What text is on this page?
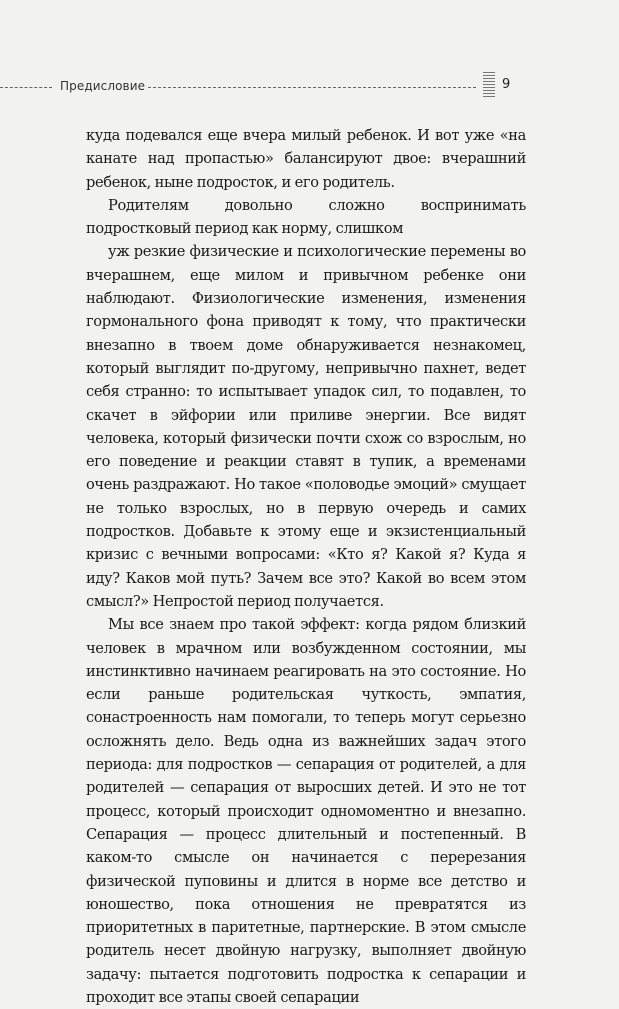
Предисловие	9

куда подевался еще вчера милый ребенок. И вот уже «на канате над пропастью» балансируют двое: вчерашний ребенок, ныне подросток, и его родитель.

Родителям довольно сложно воспринимать подростковый период как норму, слишком

уж резкие физические и психологические перемены во вчерашнем, еще милом и привычном ребенке они наблюдают. Физиологические изменения, изменения гормонального фона приводят к тому, что практически внезапно в твоем доме обнаруживается незнакомец, который выглядит по-другому, непривычно пахнет, ведет себя странно: то испытывает упадок сил, то подавлен, то скачет в эйфории или приливе энергии. Все видят человека, который физически почти схож со взрослым, но его поведение и реакции ставят в тупик, а временами очень раздражают. Но такое «половодье эмоций» смущает не только взрослых, но в первую очередь и самих подростков. Добавьте к этому еще и экзистенциальный кризис с вечными вопросами: «Кто я? Какой я? Куда я иду? Каков мой путь? Зачем все это? Какой во всем этом смысл?» Непростой период получается.

Мы все знаем про такой эффект: когда рядом близкий человек в мрачном или возбужденном состоянии, мы инстинктивно начинаем реагировать на это состояние. Но если раньше родительская чуткость, эмпатия, сонастроенность нам помогали, то теперь могут серьезно осложнять дело. Ведь одна из важнейших задач этого периода: для подростков — сепарация от родителей, а для родителей — сепарация от выросших детей. И это не тот процесс, который происходит одномоментно и внезапно. Сепарация — процесс длительный и постепенный. В каком-то смысле он начинается с перерезания физической пуповины и длится в норме все детство и юношество, пока отношения не превратятся из приоритетных в паритетные, партнерские. В этом смысле родитель несет двойную нагрузку, выполняет двойную задачу: пытается подготовить подростка к сепарации и проходит все этапы своей сепарации
